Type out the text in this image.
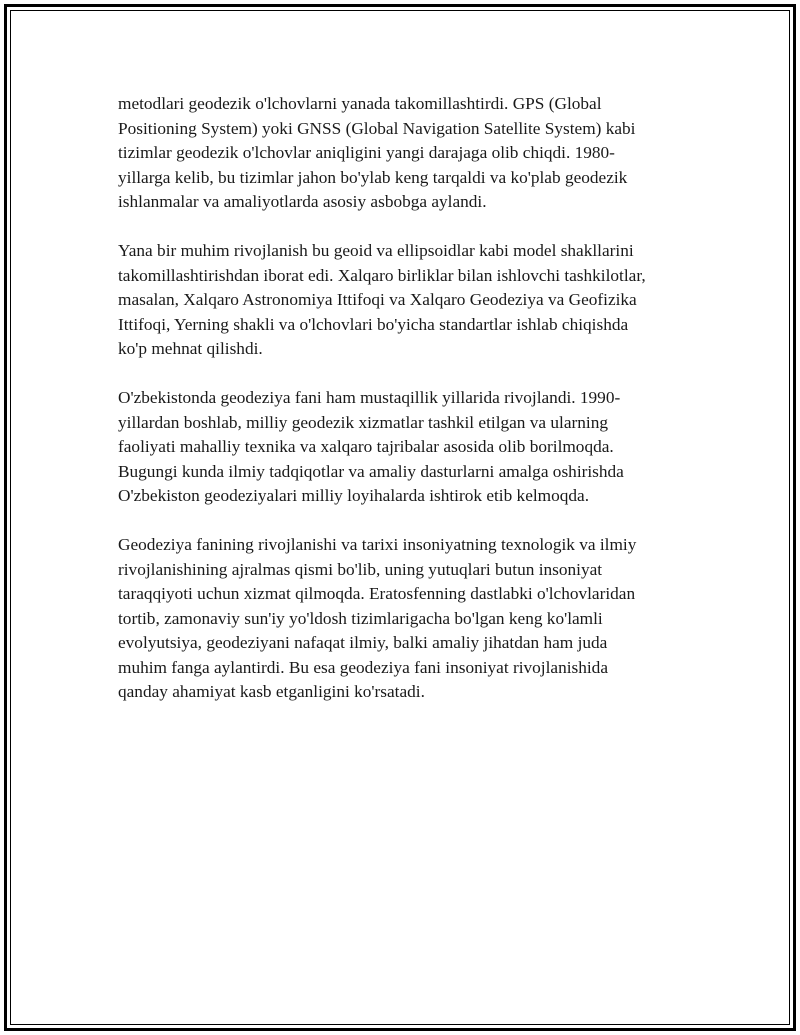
metodlari geodezik o'lchovlarni yanada takomillashtirdi. GPS (Global
Positioning System) yoki GNSS (Global Navigation Satellite System) kabi
tizimlar geodezik o'lchovlar aniqligini yangi darajaga olib chiqdi. 1980-
yillarga kelib, bu tizimlar jahon bo'ylab keng tarqaldi va ko'plab geodezik
ishlanmalar va amaliyotlarda asosiy asbobga aylandi.

Yana bir muhim rivojlanish bu geoid va ellipsoidlar kabi model shakllarini
takomillashtirishdan iborat edi. Xalqaro birliklar bilan ishlovchi tashkilotlar,
masalan, Xalqaro Astronomiya Ittifoqi va Xalqaro Geodeziya va Geofizika
Ittifoqi, Yerning shakli va o'lchovlari bo'yicha standartlar ishlab chiqishda
ko'p mehnat qilishdi.

O'zbekistonda geodeziya fani ham mustaqillik yillarida rivojlandi. 1990-
yillardan boshlab, milliy geodezik xizmatlar tashkil etilgan va ularning
faoliyati mahalliy texnika va xalqaro tajribalar asosida olib borilmoqda.
Bugungi kunda ilmiy tadqiqotlar va amaliy dasturlarni amalga oshirishda
O'zbekiston geodeziyalari milliy loyihalarda ishtirok etib kelmoqda.

Geodeziya fanining rivojlanishi va tarixi insoniyatning texnologik va ilmiy
rivojlanishining ajralmas qismi bo'lib, uning yutuqlari butun insoniyat
taraqqiyoti uchun xizmat qilmoqda. Eratosfenning dastlabki o'lchovlaridan
tortib, zamonaviy sun'iy yo'ldosh tizimlarigacha bo'lgan keng ko'lamli
evolyutsiya, geodeziyani nafaqat ilmiy, balki amaliy jihatdan ham juda
muhim fanga aylantirdi. Bu esa geodeziya fani insoniyat rivojlanishida
qanday ahamiyat kasb etganligini ko'rsatadi.
